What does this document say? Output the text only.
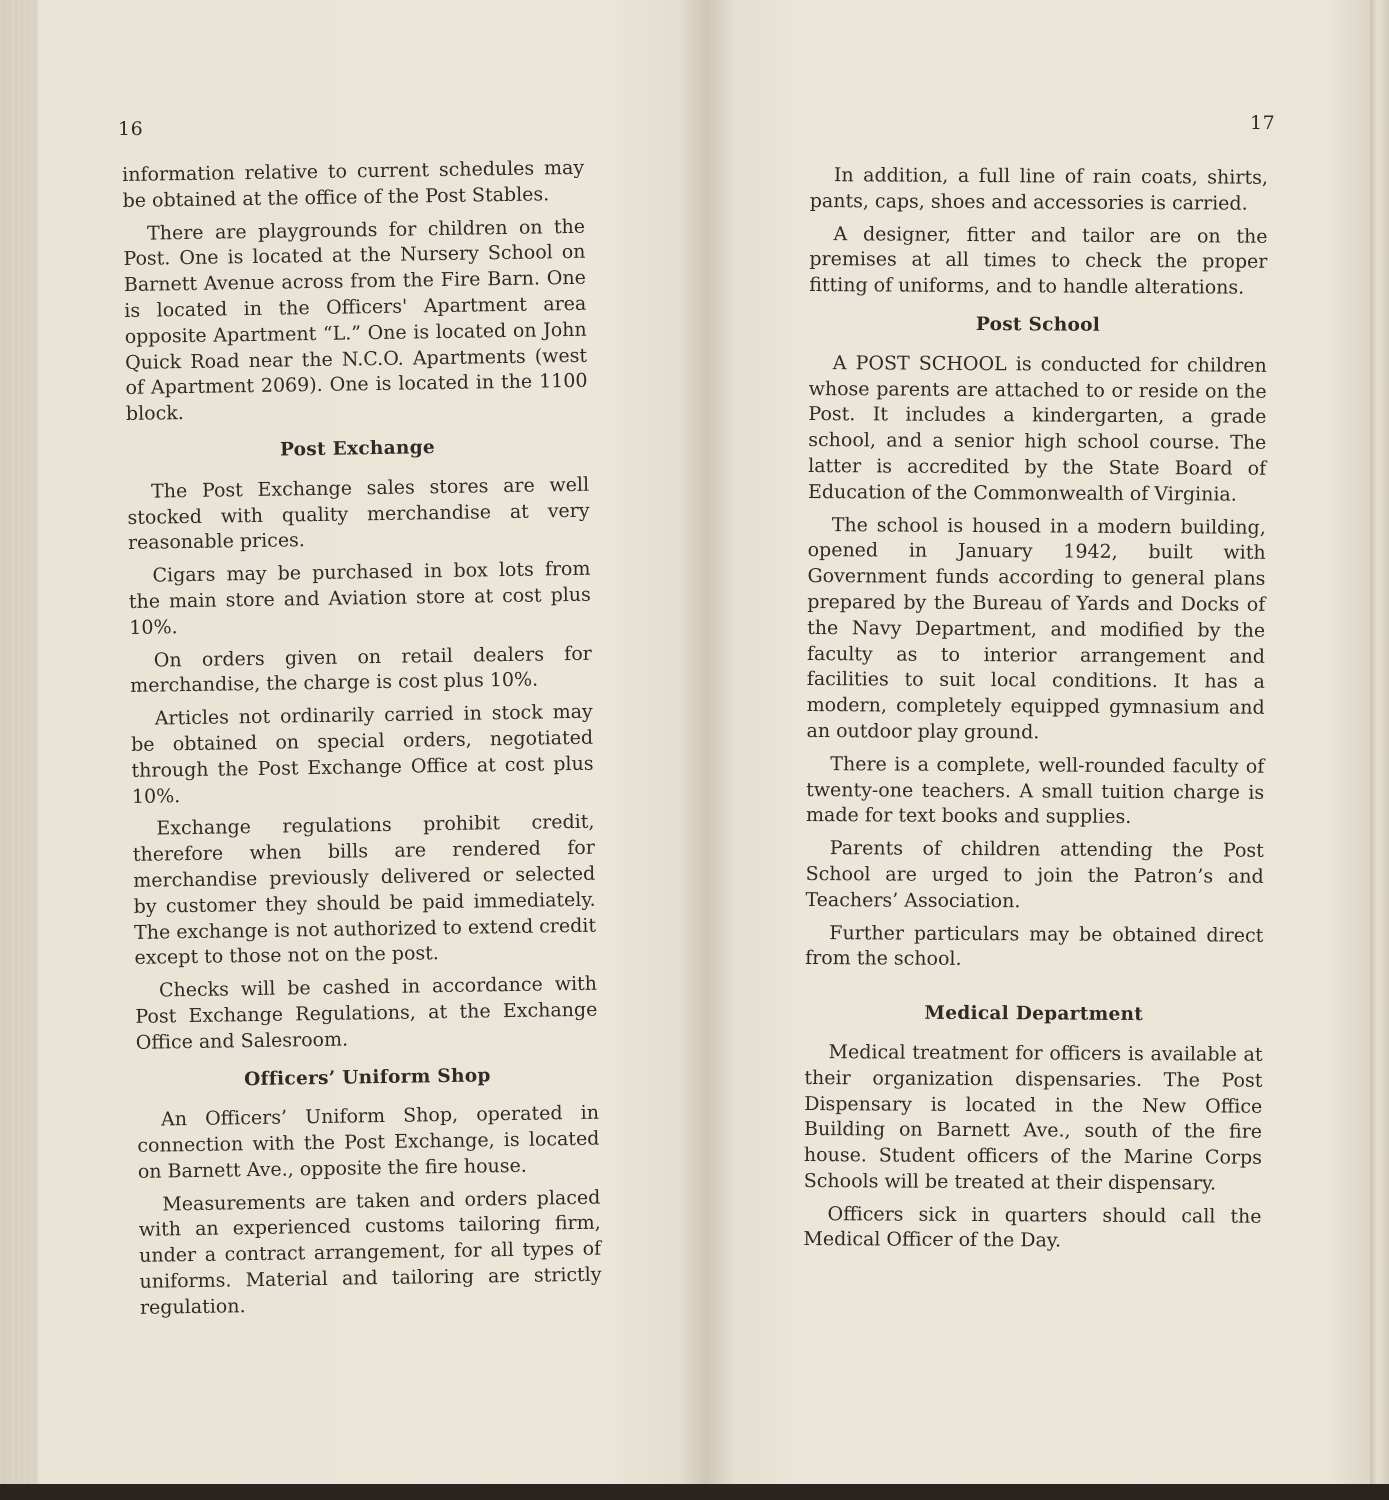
16

information relative to current schedules may be obtained at the office of the Post Stables.

There are playgrounds for children on the Post. One is located at the Nursery School on Barnett Avenue across from the Fire Barn. One is located in the Officers' Apartment area opposite Apartment “L.” One is located on John Quick Road near the N.C.O. Apartments (west of Apartment 2069). One is located in the 1100 block.

Post Exchange

The Post Exchange sales stores are well stocked with quality merchandise at very reasonable prices.

Cigars may be purchased in box lots from the main store and Aviation store at cost plus 10%.

On orders given on retail dealers for merchandise, the charge is cost plus 10%.

Articles not ordinarily carried in stock may be obtained on special orders, negotiated through the Post Exchange Office at cost plus 10%.

Exchange regulations prohibit credit, therefore when bills are rendered for merchandise previously delivered or selected by customer they should be paid immediately. The exchange is not authorized to extend credit except to those not on the post.

Checks will be cashed in accordance with Post Exchange Regulations, at the Exchange Office and Salesroom.

Officers’ Uniform Shop

An Officers’ Uniform Shop, operated in connection with the Post Exchange, is located on Barnett Ave., opposite the fire house.

Measurements are taken and orders placed with an experienced customs tailoring firm, under a contract arrangement, for all types of uniforms. Material and tailoring are strictly regulation.

17

In addition, a full line of rain coats, shirts, pants, caps, shoes and accessories is carried.

A designer, fitter and tailor are on the premises at all times to check the proper fitting of uniforms, and to handle alterations.

Post School

A POST SCHOOL is conducted for children whose parents are attached to or reside on the Post. It includes a kindergarten, a grade school, and a senior high school course. The latter is accredited by the State Board of Education of the Commonwealth of Virginia.

The school is housed in a modern building, opened in January 1942, built with Government funds according to general plans prepared by the Bureau of Yards and Docks of the Navy Department, and modified by the faculty as to interior arrangement and facilities to suit local conditions. It has a modern, completely equipped gymnasium and an outdoor play ground.

There is a complete, well-rounded faculty of twenty-one teachers. A small tuition charge is made for text books and supplies.

Parents of children attending the Post School are urged to join the Patron’s and Teachers’ Association.

Further particulars may be obtained direct from the school.

Medical Department

Medical treatment for officers is available at their organization dispensaries. The Post Dispensary is located in the New Office Building on Barnett Ave., south of the fire house. Student officers of the Marine Corps Schools will be treated at their dispensary.

Officers sick in quarters should call the Medical Officer of the Day.
